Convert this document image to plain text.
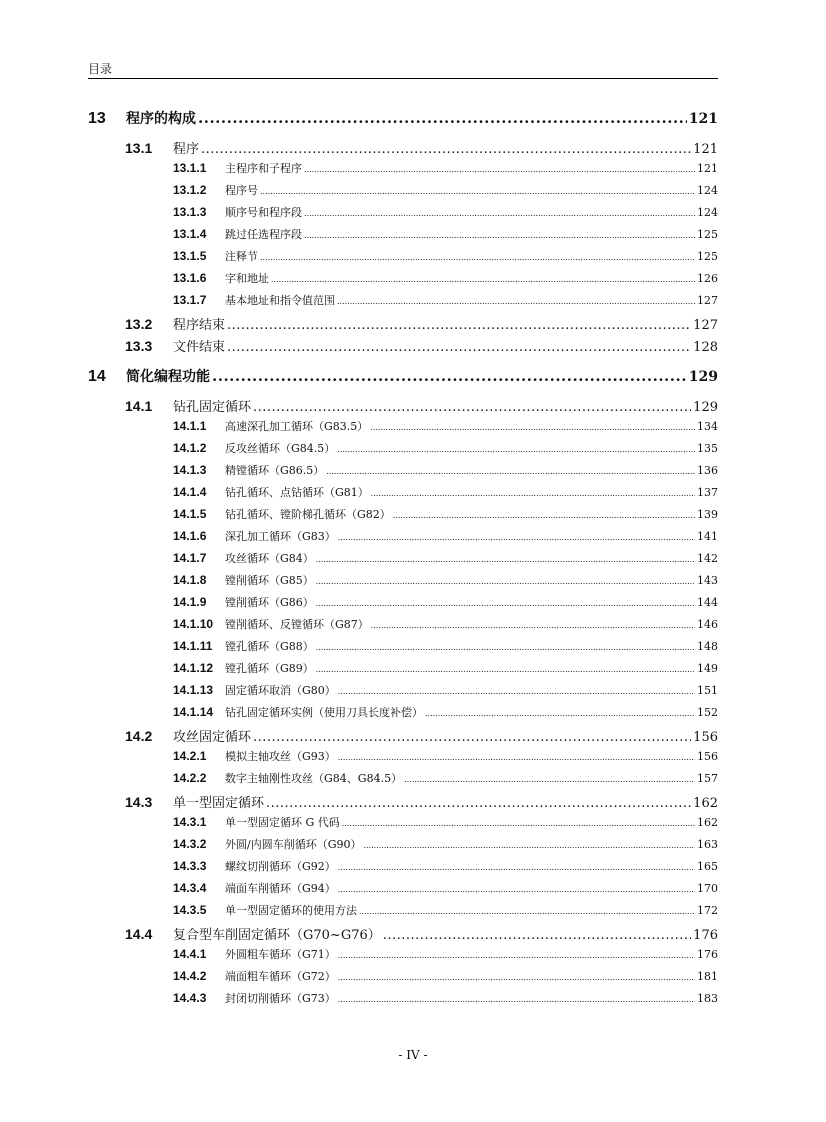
目录
13	程序的构成 .....	121
13.1	程序 .....	121
13.1.1	主程序和子程序 .....	121
13.1.2	程序号 .....	124
13.1.3	顺序号和程序段 .....	124
13.1.4	跳过任选程序段 .....	125
13.1.5	注释节 .....	125
13.1.6	字和地址 .....	126
13.1.7	基本地址和指令值范围 .....	127
13.2	程序结束 .....	127
13.3	文件结束 .....	128
14	简化编程功能 .....	129
14.1	钻孔固定循环 .....	129
14.1.1	高速深孔加工循环（G83.5） .....	134
14.1.2	反攻丝循环（G84.5） .....	135
14.1.3	精镗循环（G86.5） .....	136
14.1.4	钻孔循环、点钻循环（G81） .....	137
14.1.5	钻孔循环、镗阶梯孔循环（G82） .....	139
14.1.6	深孔加工循环（G83） .....	141
14.1.7	攻丝循环（G84） .....	142
14.1.8	镗削循环（G85） .....	143
14.1.9	镗削循环（G86） .....	144
14.1.10	镗削循环、反镗循环（G87） .....	146
14.1.11	镗孔循环（G88） .....	148
14.1.12	镗孔循环（G89） .....	149
14.1.13	固定循环取消（G80） .....	151
14.1.14	钻孔固定循环实例（使用刀具长度补偿） .....	152
14.2	攻丝固定循环 .....	156
14.2.1	模拟主轴攻丝（G93） .....	156
14.2.2	数字主轴刚性攻丝（G84、G84.5） .....	157
14.3	单一型固定循环 .....	162
14.3.1	单一型固定循环 G 代码 .....	162
14.3.2	外圆/内圆车削循环（G90） .....	163
14.3.3	螺纹切削循环（G92） .....	165
14.3.4	端面车削循环（G94） .....	170
14.3.5	单一型固定循环的使用方法 .....	172
14.4	复合型车削固定循环（G70~G76） .....	176
14.4.1	外圆粗车循环（G71） .....	176
14.4.2	端面粗车循环（G72） .....	181
14.4.3	封闭切削循环（G73） .....	183
- IV -
